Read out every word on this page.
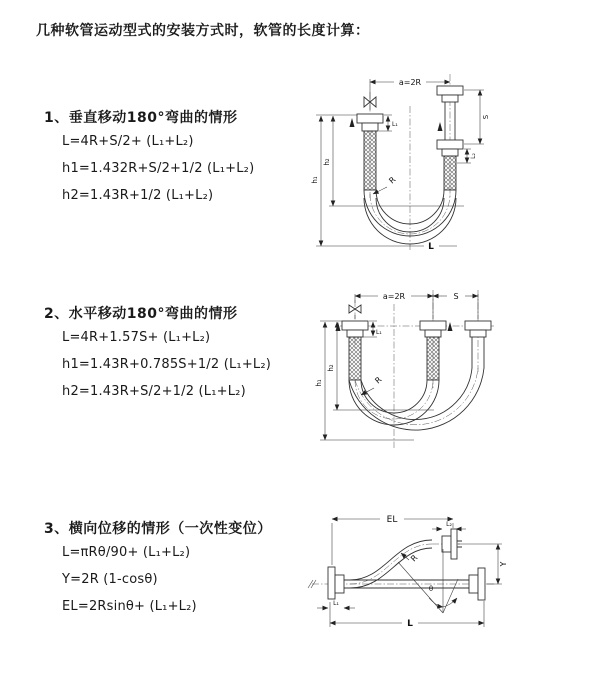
几种软管运动型式的安装方式时，软管的长度计算：
1、垂直移动180°弯曲的情形
L=4R+S/2+ (L₁+L₂)
h1=1.432R+S/2+1/2 (L₁+L₂)
h2=1.43R+1/2 (L₁+L₂)
2、水平移动180°弯曲的情形
L=4R+1.57S+ (L₁+L₂)
h1=1.43R+0.785S+1/2 (L₁+L₂)
h2=1.43R+S/2+1/2 (L₁+L₂)
3、横向位移的情形（一次性变位）
L=πRθ/90+ (L₁+L₂)
Y=2R (1-cosθ)
EL=2Rsinθ+ (L₁+L₂)
a=2R
h₁
h₂
L₁
S
L₂
R
L
a=2R	S
h₁
h₂
L₁
R
θ
EL	L₂
Y
L
L₁
R
